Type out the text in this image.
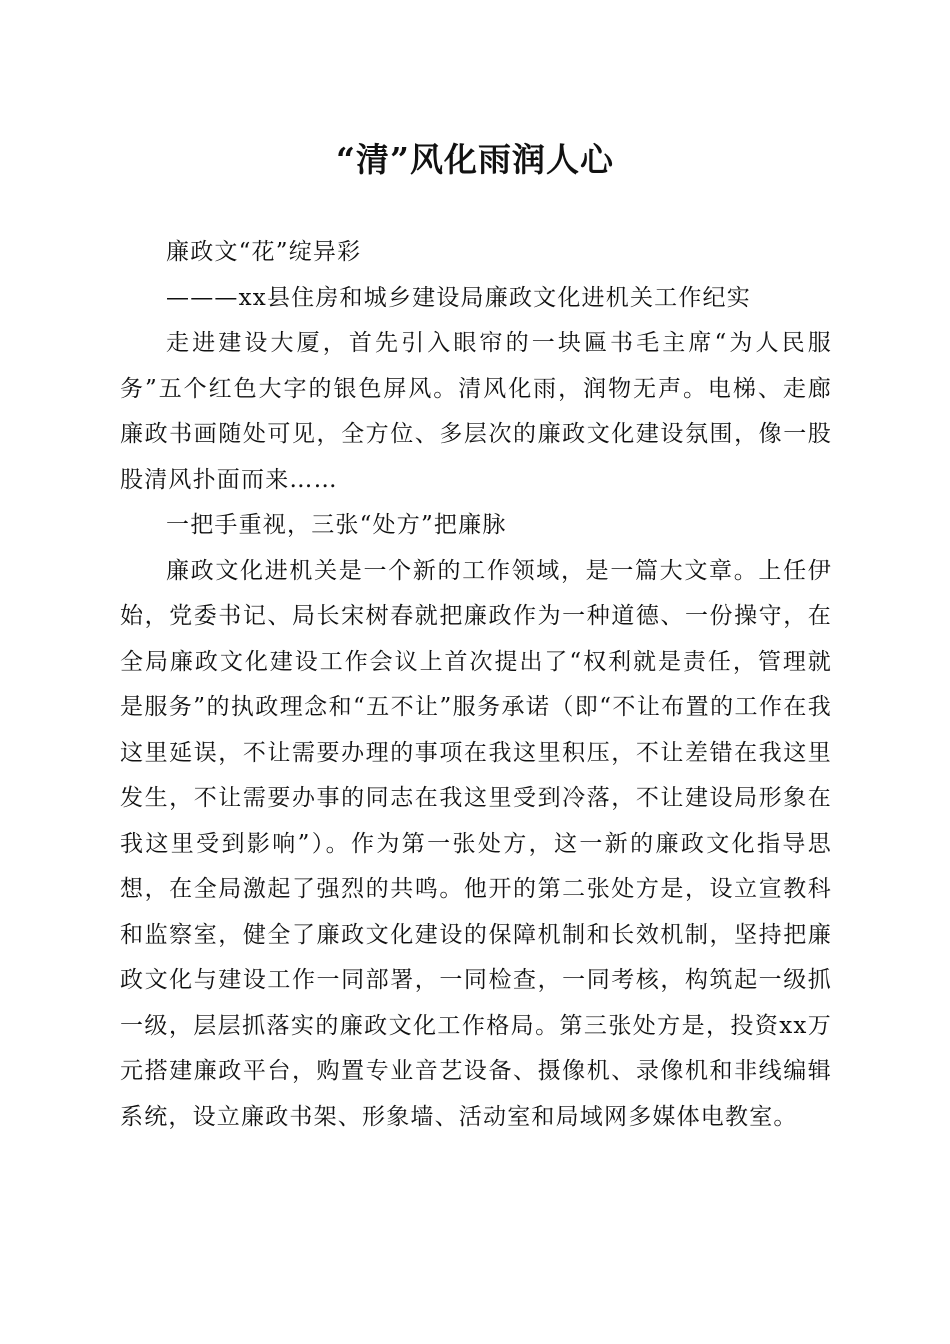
“清”风化雨润人心

廉政文“花”绽异彩

———xx县住房和城乡建设局廉政文化进机关工作纪实

走进建设大厦，首先引入眼帘的一块匾书毛主席“为人民服务”五个红色大字的银色屏风。清风化雨，润物无声。电梯、走廊廉政书画随处可见，全方位、多层次的廉政文化建设氛围，像一股股清风扑面而来……

一把手重视，三张“处方”把廉脉

廉政文化进机关是一个新的工作领域，是一篇大文章。上任伊始，党委书记、局长宋树春就把廉政作为一种道德、一份操守，在全局廉政文化建设工作会议上首次提出了“权利就是责任，管理就是服务”的执政理念和“五不让”服务承诺（即“不让布置的工作在我这里延误，不让需要办理的事项在我这里积压，不让差错在我这里发生，不让需要办事的同志在我这里受到冷落，不让建设局形象在我这里受到影响”）。作为第一张处方，这一新的廉政文化指导思想，在全局激起了强烈的共鸣。他开的第二张处方是，设立宣教科和监察室，健全了廉政文化建设的保障机制和长效机制，坚持把廉政文化与建设工作一同部署，一同检查，一同考核，构筑起一级抓一级，层层抓落实的廉政文化工作格局。第三张处方是，投资xx万元搭建廉政平台，购置专业音艺设备、摄像机、录像机和非线编辑系统，设立廉政书架、形象墙、活动室和局域网多媒体电教室。
